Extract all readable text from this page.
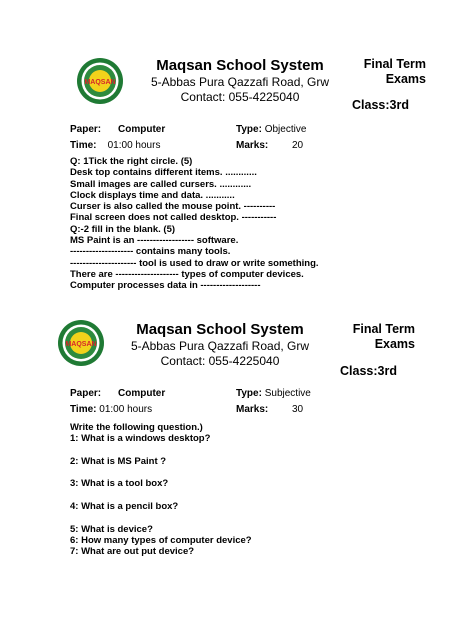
MAQSAN
Maqsan School System
5-Abbas Pura Qazzafi Road, Grw
Contact: 055-4225040
Final Term
Exams
Class:3rd
Paper: Computer	Type: Objective
Time: 01:00 hours	Marks: 20
Q: 1Tick the right circle. (5)
Desk top contains different items. ............
Small images are called cursers. ............
Clock displays time and data. ...........
Curser is also called the mouse point. ----------
Final screen does not called desktop. -----------
Q:-2 fill in the blank. (5)
MS Paint is an ------------------ software.
-------------------- contains many tools.
--------------------- tool is used to draw or write something.
There are -------------------- types of computer devices.
Computer processes data in -------------------
MAQSAN
Maqsan School System
5-Abbas Pura Qazzafi Road, Grw
Contact: 055-4225040
Final Term
Exams
Class:3rd
Paper: Computer	Type: Subjective
Time: 01:00 hours	Marks: 30
Write the following question.)
1: What is a windows desktop?
2: What is MS Paint ?
3: What is a tool box?
4: What is a pencil box?
5: What is device?
6: How many types of computer device?
7: What are out put device?
